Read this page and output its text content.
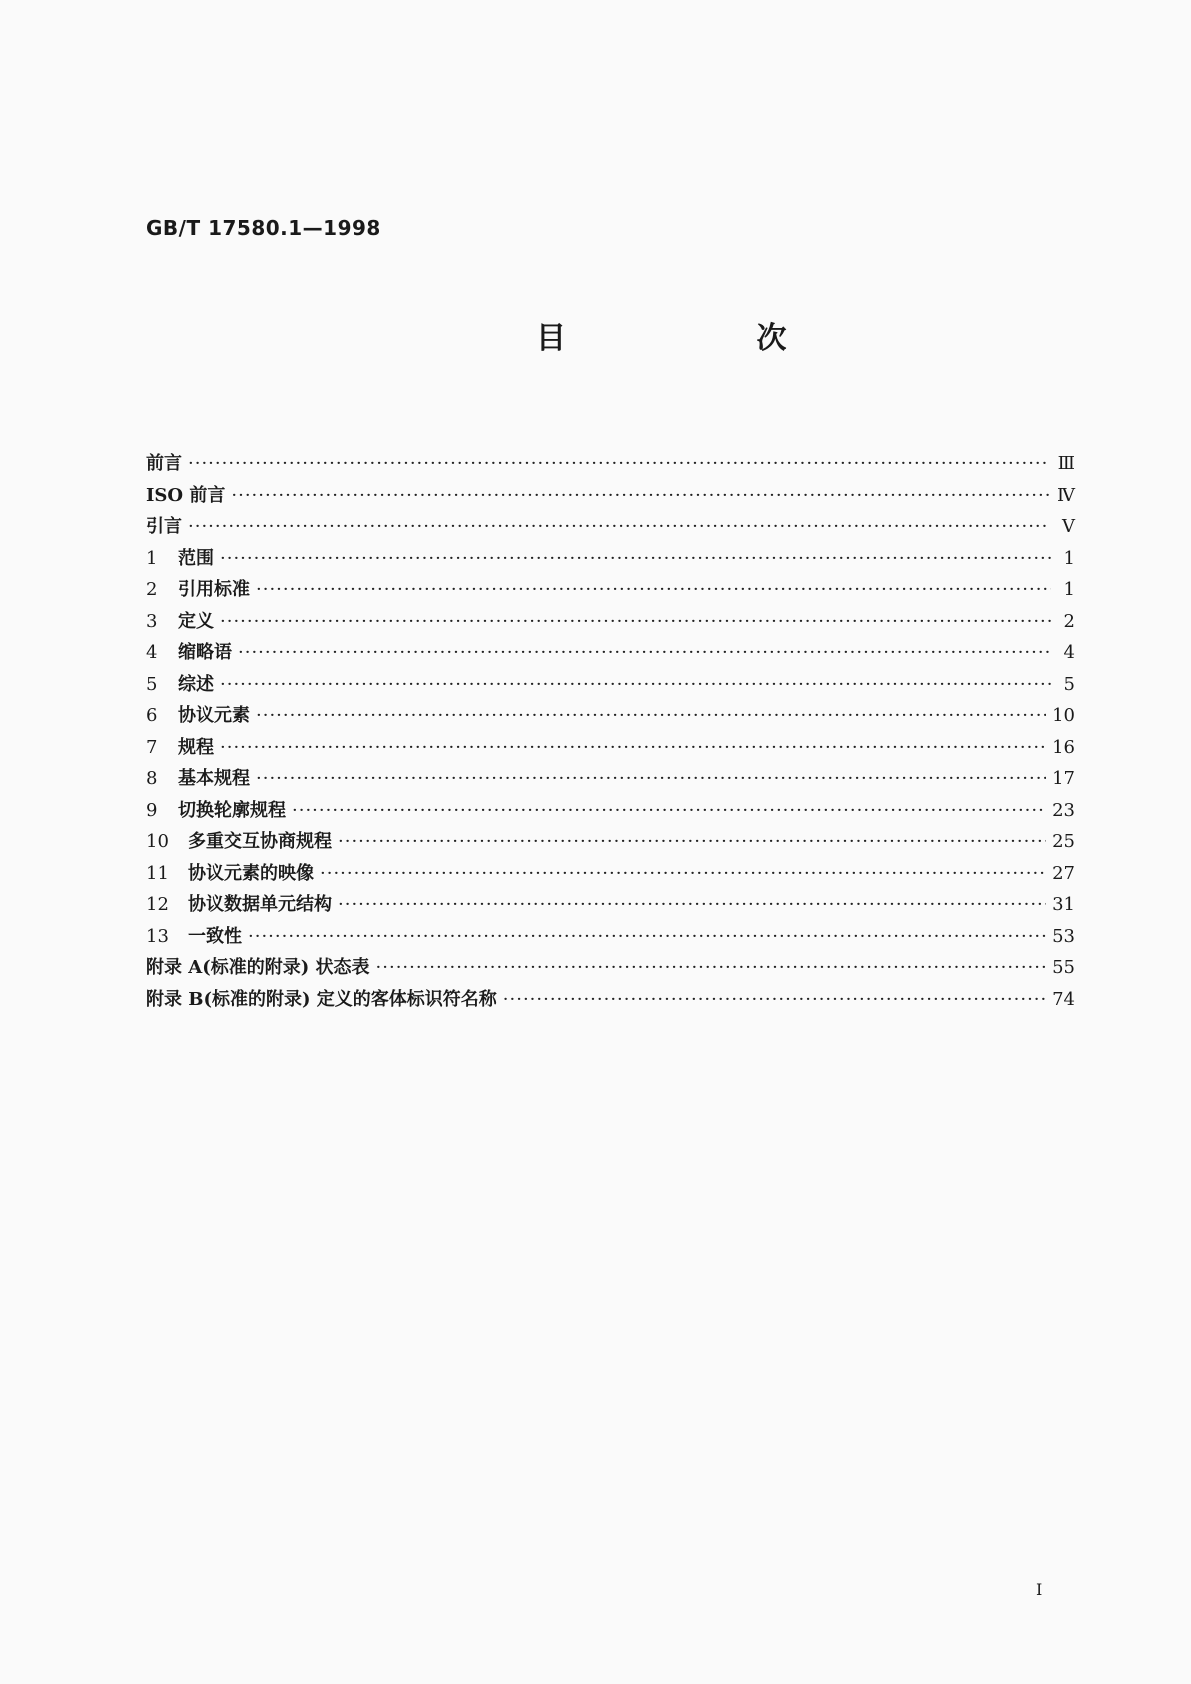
GB/T 17580.1—1998

目 次
前言 ·····	Ⅲ
ISO 前言 ·····	Ⅳ
引言 ·····	Ⅴ
1	范围 ·····	1
2	引用标准 ·····	1
3	定义 ·····	2
4	缩略语 ·····	4
5	综述 ·····	5
6	协议元素 ·····	10
7	规程 ·····	16
8	基本规程 ·····	17
9	切换轮廓规程 ·····	23
10	多重交互协商规程 ·····	25
11	协议元素的映像 ·····	27
12	协议数据单元结构 ·····	31
13	一致性 ·····	53
附录 A(标准的附录) 状态表 ·····	55
附录 B(标准的附录) 定义的客体标识符名称 ·····	74

I
